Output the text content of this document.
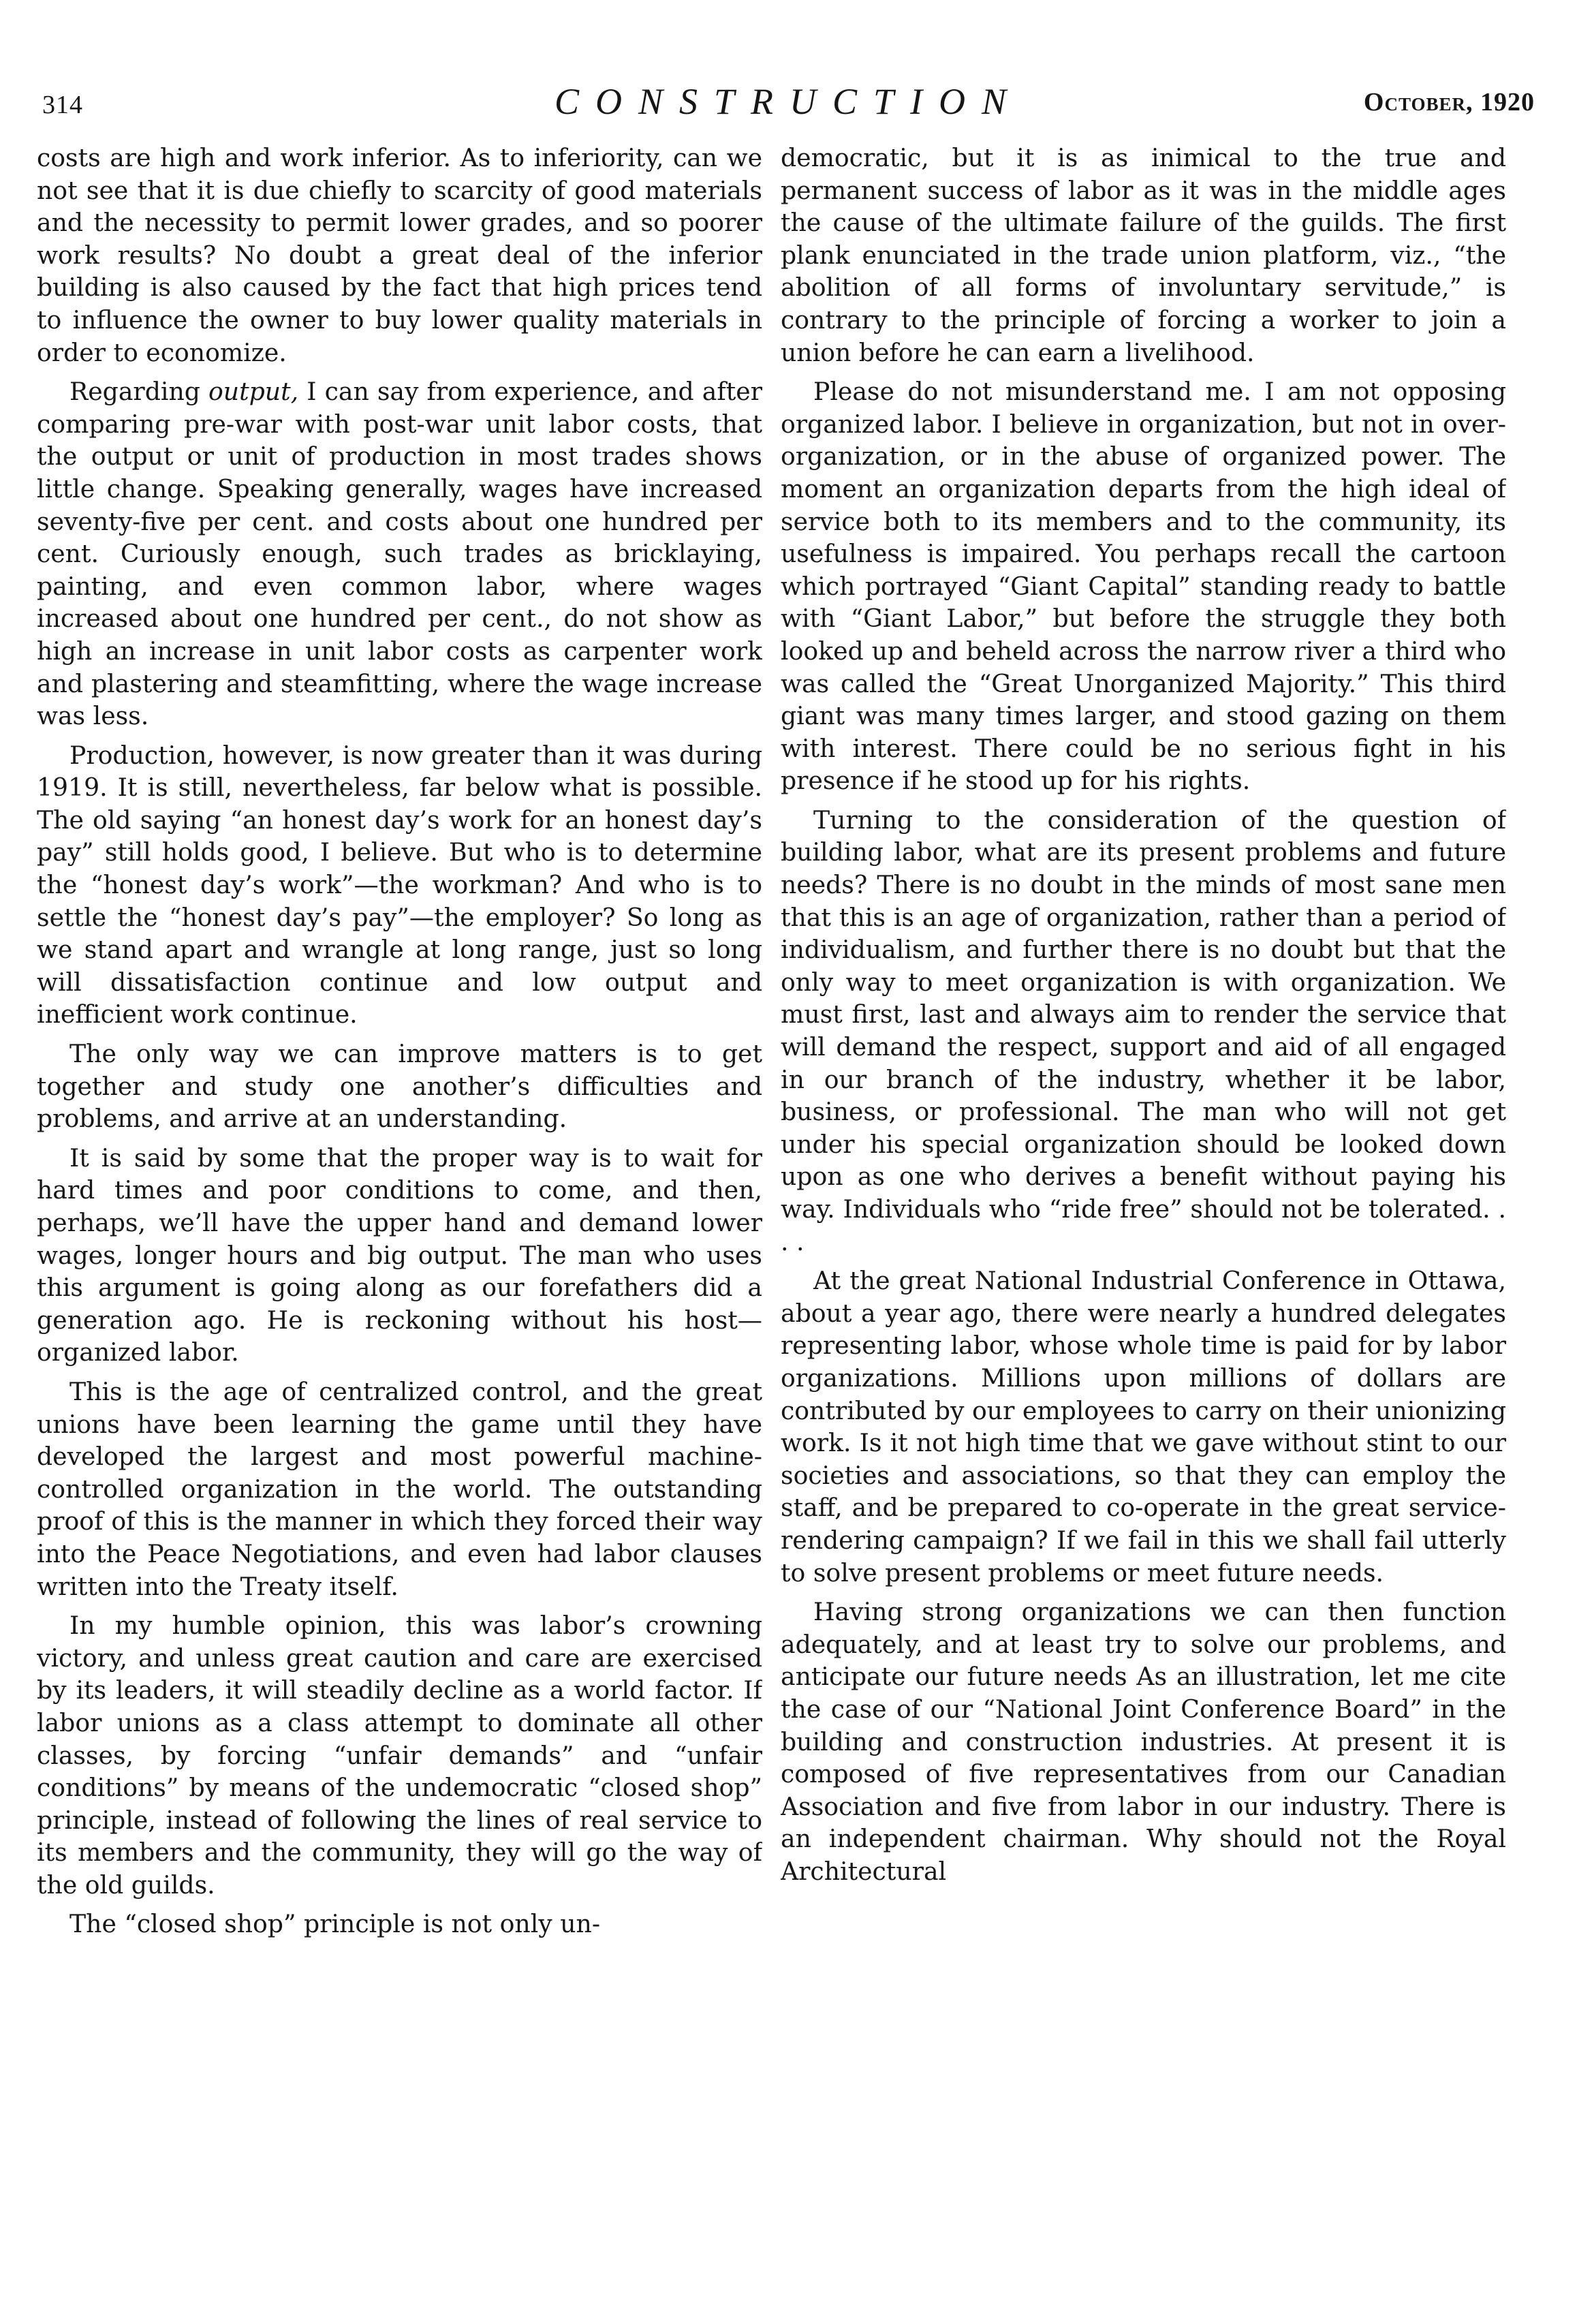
314	CONSTRUCTION	October, 1920

costs are high and work inferior. As to inferiority, can we not see that it is due chiefly to scarcity of good materials and the necessity to permit lower grades, and so poorer work results? No doubt a great deal of the inferior building is also caused by the fact that high prices tend to influence the owner to buy lower quality materials in order to economize.

Regarding output, I can say from experience, and after comparing pre-war with post-war unit labor costs, that the output or unit of production in most trades shows little change. Speaking generally, wages have increased seventy-five per cent. and costs about one hundred per cent. Curiously enough, such trades as bricklaying, painting, and even common labor, where wages increased about one hundred per cent., do not show as high an increase in unit labor costs as carpenter work and plastering and steamfitting, where the wage increase was less.

Production, however, is now greater than it was during 1919. It is still, nevertheless, far below what is possible. The old saying “an honest day’s work for an honest day’s pay” still holds good, I believe. But who is to determine the “honest day’s work”—the workman? And who is to settle the “honest day’s pay”—the employer? So long as we stand apart and wrangle at long range, just so long will dissatisfaction continue and low output and inefficient work continue.

The only way we can improve matters is to get together and study one another’s difficulties and problems, and arrive at an understanding.

It is said by some that the proper way is to wait for hard times and poor conditions to come, and then, perhaps, we’ll have the upper hand and demand lower wages, longer hours and big output. The man who uses this argument is going along as our forefathers did a generation ago. He is reckoning without his host—organized labor.

This is the age of centralized control, and the great unions have been learning the game until they have developed the largest and most powerful machine-controlled organization in the world. The outstanding proof of this is the manner in which they forced their way into the Peace Negotiations, and even had labor clauses written into the Treaty itself.

In my humble opinion, this was labor’s crowning victory, and unless great caution and care are exercised by its leaders, it will steadily decline as a world factor. If labor unions as a class attempt to dominate all other classes, by forcing “unfair demands” and “unfair conditions” by means of the undemocratic “closed shop” principle, instead of following the lines of real service to its members and the community, they will go the way of the old guilds.

The “closed shop” principle is not only un-

democratic, but it is as inimical to the true and permanent success of labor as it was in the middle ages the cause of the ultimate failure of the guilds. The first plank enunciated in the trade union platform, viz., “the abolition of all forms of involuntary servitude,” is contrary to the principle of forcing a worker to join a union before he can earn a livelihood.

Please do not misunderstand me. I am not opposing organized labor. I believe in organization, but not in over-organization, or in the abuse of organized power. The moment an organization departs from the high ideal of service both to its members and to the community, its usefulness is impaired. You perhaps recall the cartoon which portrayed “Giant Capital” standing ready to battle with “Giant Labor,” but before the struggle they both looked up and beheld across the narrow river a third who was called the “Great Unorganized Majority.” This third giant was many times larger, and stood gazing on them with interest. There could be no serious fight in his presence if he stood up for his rights.

Turning to the consideration of the question of building labor, what are its present problems and future needs? There is no doubt in the minds of most sane men that this is an age of organization, rather than a period of individualism, and further there is no doubt but that the only way to meet organization is with organization. We must first, last and always aim to render the service that will demand the respect, support and aid of all engaged in our branch of the industry, whether it be labor, business, or professional. The man who will not get under his special organization should be looked down upon as one who derives a benefit without paying his way. Individuals who “ride free” should not be tolerated. . . .

At the great National Industrial Conference in Ottawa, about a year ago, there were nearly a hundred delegates representing labor, whose whole time is paid for by labor organizations. Millions upon millions of dollars are contributed by our employees to carry on their unionizing work. Is it not high time that we gave without stint to our societies and associations, so that they can employ the staff, and be prepared to co-operate in the great service-rendering campaign? If we fail in this we shall fail utterly to solve present problems or meet future needs.

Having strong organizations we can then function adequately, and at least try to solve our problems, and anticipate our future needs As an illustration, let me cite the case of our “National Joint Conference Board” in the building and construction industries. At present it is composed of five representatives from our Canadian Association and five from labor in our industry. There is an independent chairman. Why should not the Royal Architectural
